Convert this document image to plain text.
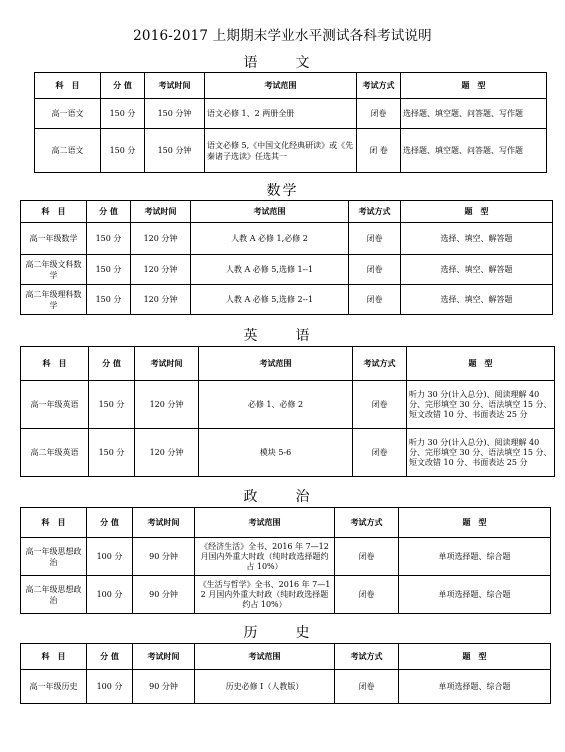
2016-2017 上期期末学业水平测试各科考试说明
语　文
科　目	分 值	考试时间	考试范围	考试方式	题　型
高一语文	150 分	150 分钟	语文必修 1、2 两册全册	闭卷	选择题、填空题、问答题、写作题
高二语文	150 分	150 分钟	语文必修 5,《中国文化经典研读》或《先秦诸子选读》任选其一	闭 卷	选择题、填空题、问答题、写作题
数学
科　目	分 值	考试时间	考试范围	考试方式	题　型
高一年级数学	150 分	120 分钟	人教 A 必修 1,必修 2	闭卷	选择、填空、解答题
高二年级文科数学	150 分	120 分钟	人教 A 必修 5,选修 1--1	闭卷	选择、填空、解答题
高二年级理科数学	150 分	120 分钟	人教 A 必修 5,选修 2--1	闭卷	选择、填空、解答题
英　语
科　目	分 值	考试时间	考试范围	考试方式	题　型
高一年级英语	150 分	120 分钟	必修 1、必修 2	闭卷	听力 30 分(计入总分)、阅读理解 40 分、完形填空 30 分、语法填空 15 分、短文改错 10 分、书面表达 25 分
高二年级英语	150 分	120 分钟	模块 5-6	闭卷	听力 30 分(计入总分)、阅读理解 40 分、完形填空 30 分、语法填空 15 分、短文改错 10 分、书面表达 25 分
政　治
科　目	分 值	考试时间	考试范围	考试方式	题　型
高一年级思想政治	100 分	90 分钟	《经济生活》全书、2016 年 7—12 月国内外重大时政（纯时政选择题约占 10%）	闭卷	单项选择题、综合题
高二年级思想政治	100 分	90 分钟	《生活与哲学》全书、2016 年 7—12 月国内外重大时政（纯时政选择题约占 10%）	闭卷	单项选择题、综合题
历　史
科　目	分 值	考试时间	考试范围	考试方式	题　型
高一年级历史	100 分	90 分钟	历史必修 I（人教版）	闭卷	单项选择题、综合题
